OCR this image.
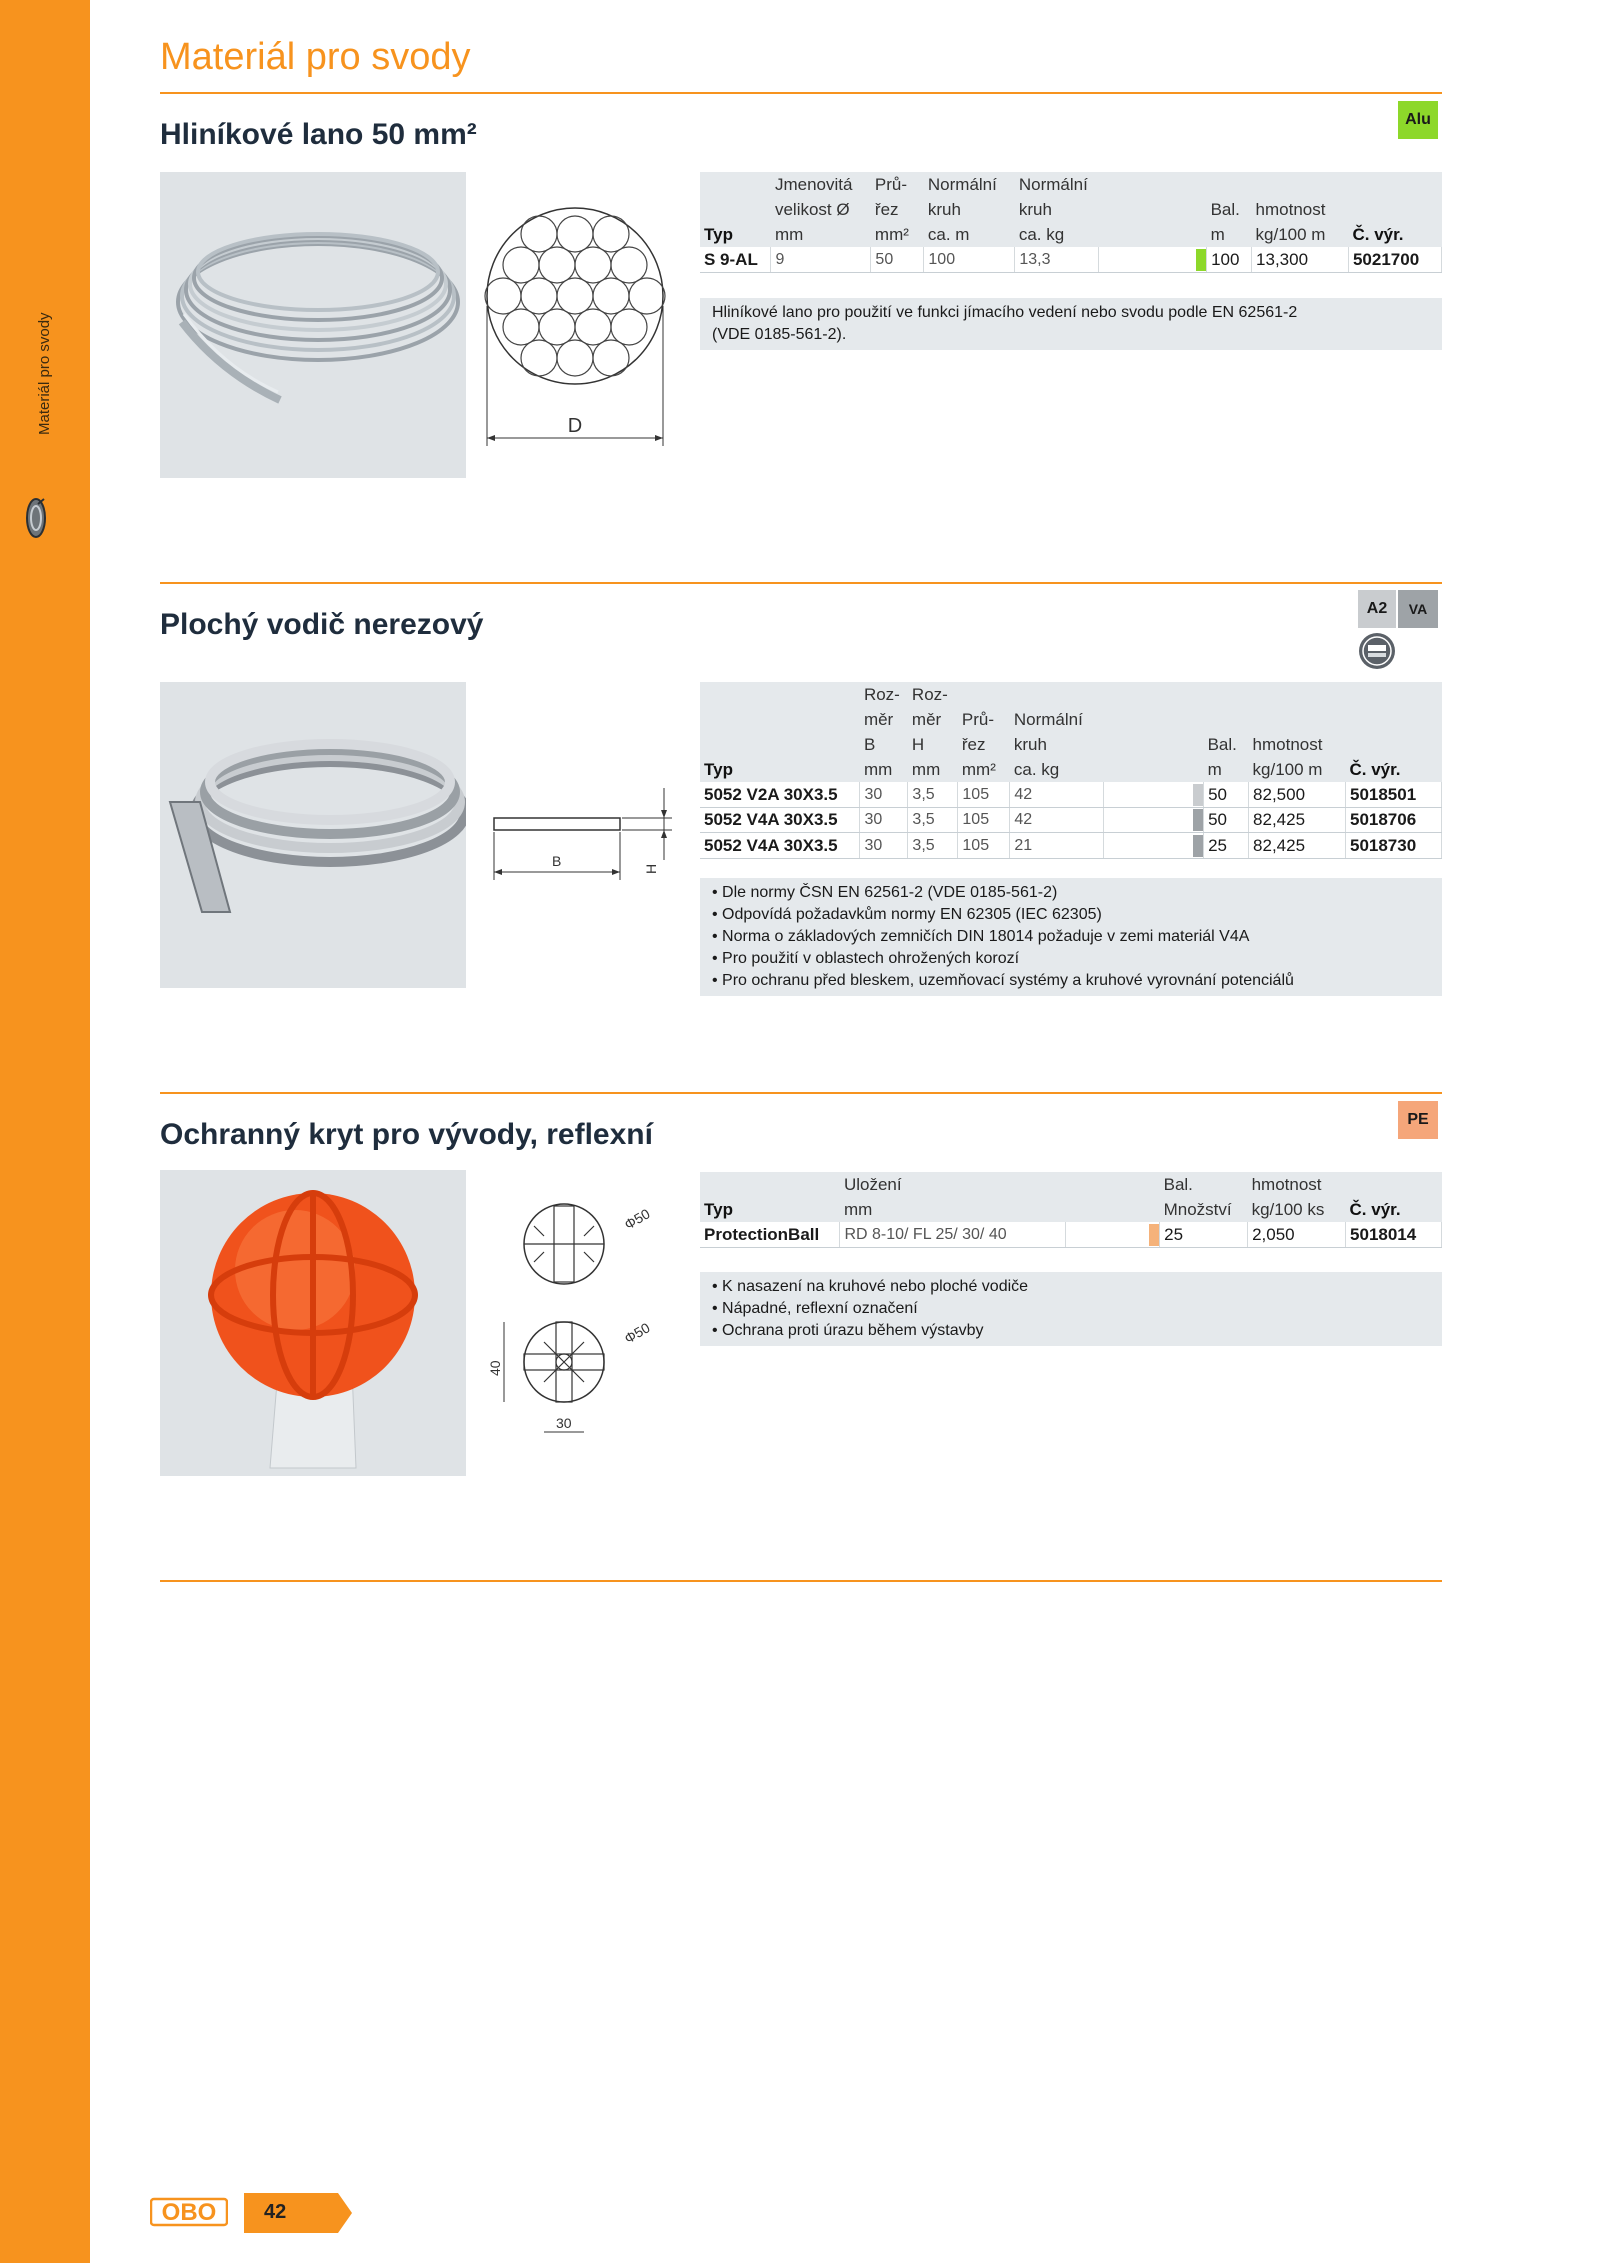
Materiál pro svody
OBO 42
Materiál pro svody
Hliníkové lano 50 mm²	Alu
D
	Jmenovitá	Prů-	Normální	Normální				
	velikost Ø	řez	kruh	kruh		Bal.	hmotnost	
Typ	mm	mm²	ca. m	ca. kg		m	kg/100 m	Č. výr.
S 9-AL	9	50	100	13,3		100	13,300	5021700
Hliníkové lano pro použití ve funkci jímacího vedení nebo svodu podle EN 62561-2
(VDE 0185-561-2).
Plochý vodič nerezový	A2	VA
B	H
	Roz-	Roz-						
	měr	měr	Prů-	Normální				
	B	H	řez	kruh		Bal.	hmotnost	
Typ	mm	mm	mm²	ca. kg		m	kg/100 m	Č. výr.
5052 V2A 30X3.5	30	3,5	105	42		50	82,500	5018501
5052 V4A 30X3.5	30	3,5	105	42		50	82,425	5018706
5052 V4A 30X3.5	30	3,5	105	21		25	82,425	5018730
• Dle normy ČSN EN 62561-2 (VDE 0185-561-2)
• Odpovídá požadavkům normy EN 62305 (IEC 62305)
• Norma o základových zemničích DIN 18014 požaduje v zemi materiál V4A
• Pro použití v oblastech ohrožených korozí
• Pro ochranu před bleskem, uzemňovací systémy a kruhové vyrovnání potenciálů
Ochranný kryt pro vývody, reflexní	PE
Φ50
Φ50
40
30
	Uložení		Bal.	hmotnost	
Typ	mm		Množství	kg/100 ks	Č. výr.
ProtectionBall	RD 8-10/ FL 25/ 30/ 40		25	2,050	5018014
• K nasazení na kruhové nebo ploché vodiče
• Nápadné, reflexní označení
• Ochrana proti úrazu během výstavby
